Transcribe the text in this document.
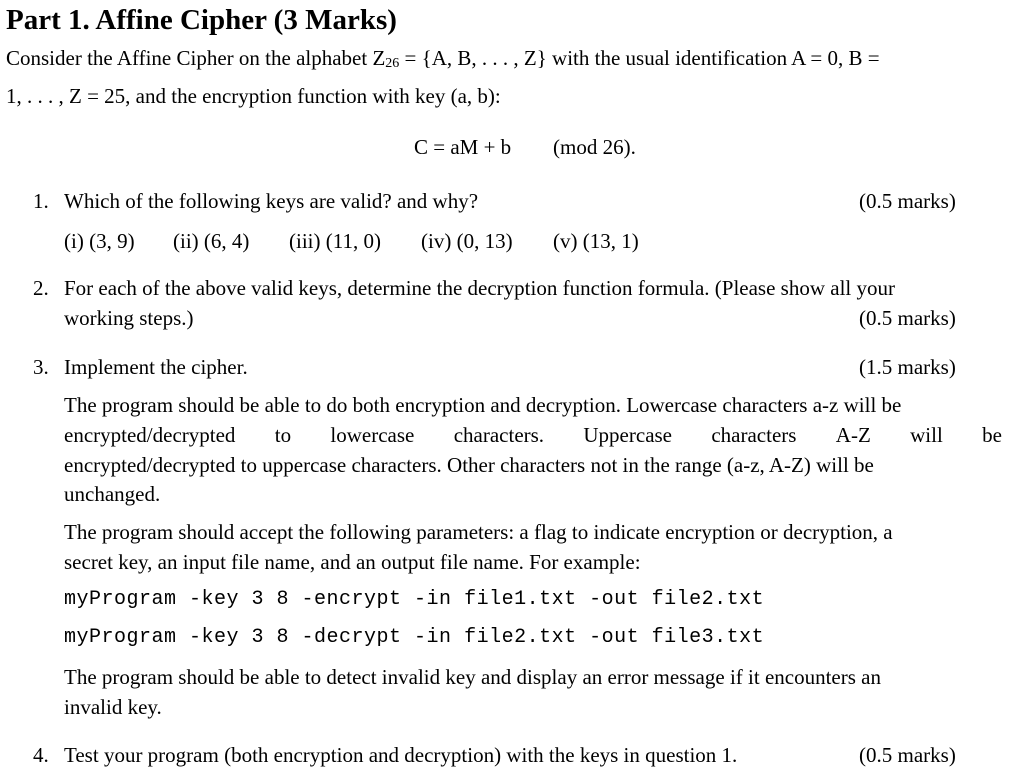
Part 1. Affine Cipher (3 Marks)
Consider the Affine Cipher on the alphabet $Z_{26} = \{A$, B, . . . , Z} with the usual identification A = 0, B =
1, . . . , Z = 25, and the encryption function with key (a, b):
C = aM + b (mod 26).
1. Which of the following keys are valid? and why?	(0.5 marks)
(i) (3, 9) (ii) (6, 4) (iii) (11, 0) (iv) (0, 13) (v) (13, 1)
2. For each of the above valid keys, determine the decryption function formula. (Please show all your
working steps.)	(0.5 marks)
3. Implement the cipher.	(1.5 marks)
The program should be able to do both encryption and decryption. Lowercase characters a-z will be
encrypted/decrypted to lowercase characters. Uppercase characters A-Z will be
encrypted/decrypted to uppercase characters. Other characters not in the range (a-z, A-Z) will be
unchanged.
The program should accept the following parameters: a flag to indicate encryption or decryption, a
secret key, an input file name, and an output file name. For example:
myProgram -key 3 8 -encrypt -in file1.txt -out file2.txt
myProgram -key 3 8 -decrypt -in file2.txt -out file3.txt
The program should be able to detect invalid key and display an error message if it encounters an
invalid key.
4. Test your program (both encryption and decryption) with the keys in question 1.	(0.5 marks)
